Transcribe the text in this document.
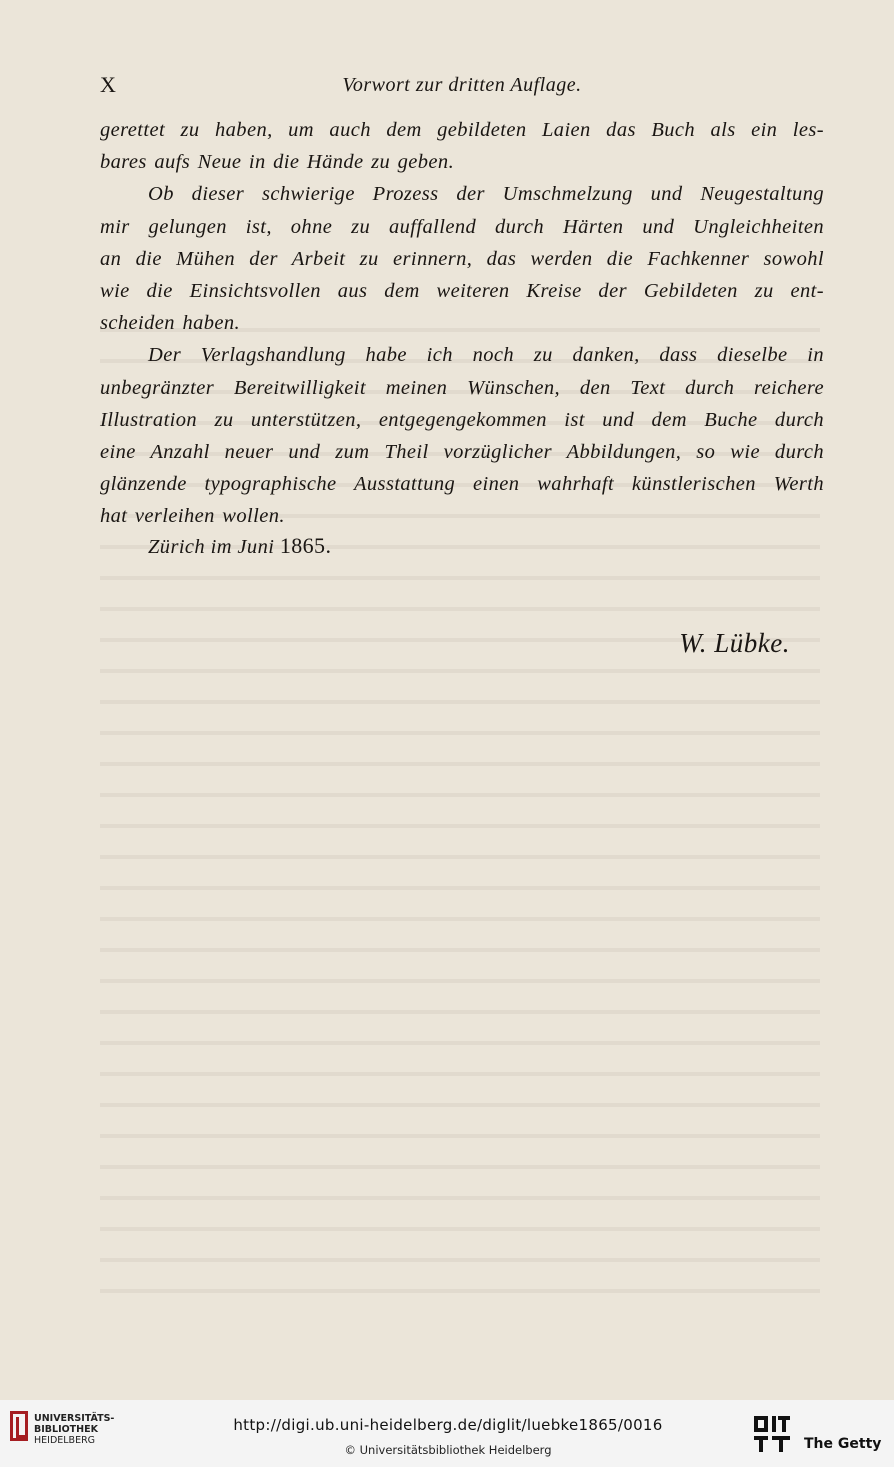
X	Vorwort zur dritten Auflage.
gerettet zu haben, um auch dem gebildeten Laien das Buch als ein les-
bares aufs Neue in die Hände zu geben.
Ob dieser schwierige Prozess der Umschmelzung und Neugestaltung
mir gelungen ist, ohne zu auffallend durch Härten und Ungleichheiten
an die Mühen der Arbeit zu erinnern, das werden die Fachkenner sowohl
wie die Einsichtsvollen aus dem weiteren Kreise der Gebildeten zu ent-
scheiden haben.
Der Verlagshandlung habe ich noch zu danken, dass dieselbe in
unbegränzter Bereitwilligkeit meinen Wünschen, den Text durch reichere
Illustration zu unterstützen, entgegengekommen ist und dem Buche durch
eine Anzahl neuer und zum Theil vorzüglicher Abbildungen, so wie durch
glänzende typographische Ausstattung einen wahrhaft künstlerischen Werth
hat verleihen wollen.
Zürich im Juni 1865.
W. Lübke.
UNIVERSITÄTS-
BIBLIOTHEK
HEIDELBERG
http://digi.ub.uni-heidelberg.de/diglit/luebke1865/0016
© Universitätsbibliothek Heidelberg	The Getty
